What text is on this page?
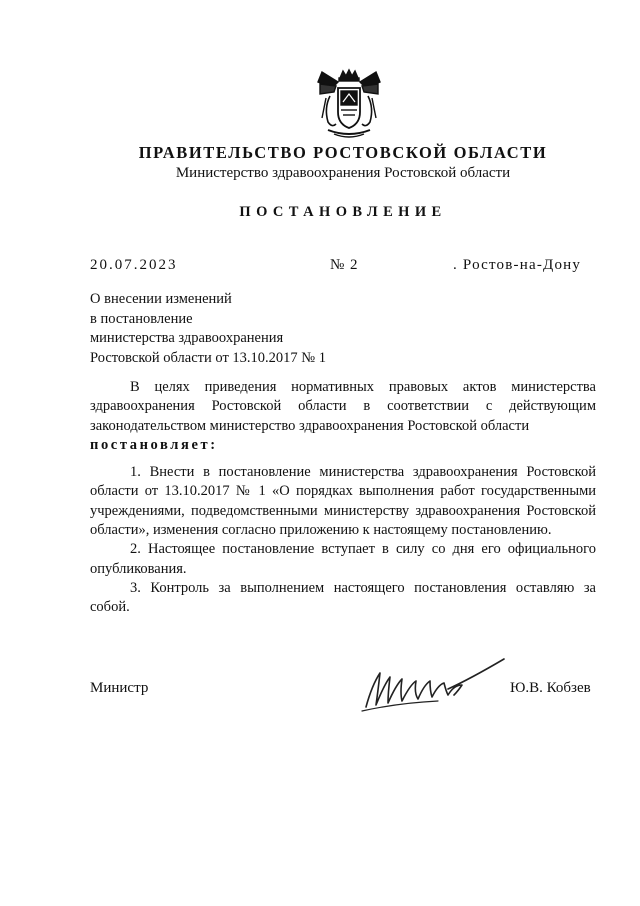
ПРАВИТЕЛЬСТВО РОСТОВСКОЙ ОБЛАСТИ
Министерство здравоохранения Ростовской области
ПОСТАНОВЛЕНИЕ
20.07.2023	№ 2	. Ростов-на-Дону
О внесении изменений
в постановление
министерства здравоохранения
Ростовской области от 13.10.2017 № 1

В целях приведения нормативных правовых актов министерства здравоохранения Ростовской области в соответствии с действующим законодательством министерство здравоохранения Ростовской области
постановляет:

1. Внести в постановление министерства здравоохранения Ростовской области от 13.10.2017 № 1 «О порядках выполнения работ государственными учреждениями, подведомственными министерству здравоохранения Ростовской области», изменения согласно приложению к настоящему постановлению.

2. Настоящее постановление вступает в силу со дня его официального опубликования.

3. Контроль за выполнением настоящего постановления оставляю за собой.

Министр	Ю.В. Кобзев
